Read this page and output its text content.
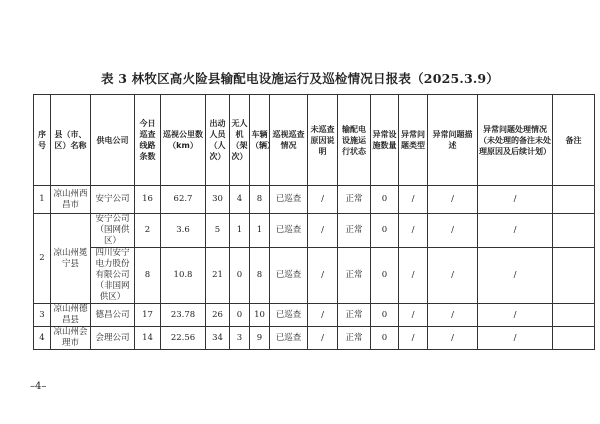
表 3 林牧区高火险县输配电设施运行及巡检情况日报表（2025.3.9）
序号	县（市、区）名称	供电公司	今日巡查线路条数	巡视公里数（km）	出动人员（人次）	无人机（架次）	车辆（辆）	巡视巡查情况	未巡查原因说明	输配电设施运行状态	异常设施数量	异常问题类型	异常问题描述	异常问题处理情况（未处理的备注未处理原因及后续计划）	备注
1	凉山州西昌市	安宁公司	16	62.7	30	4	8	已巡查	/	正常	0	/	/	/	
2	凉山州冕宁县	安宁公司（国网供区）	2	3.6	5	1	1	已巡查	/	正常	0	/	/	/	
		四川安宁电力股份有限公司（非国网供区）	8	10.8	21	0	8	已巡查	/	正常	0	/	/	/	
3	凉山州德昌县	德昌公司	17	23.78	26	0	10	已巡查	/	正常	0	/	/	/	
4	凉山州会理市	会理公司	14	22.56	34	3	9	已巡查	/	正常	0	/	/	/	
–4–
